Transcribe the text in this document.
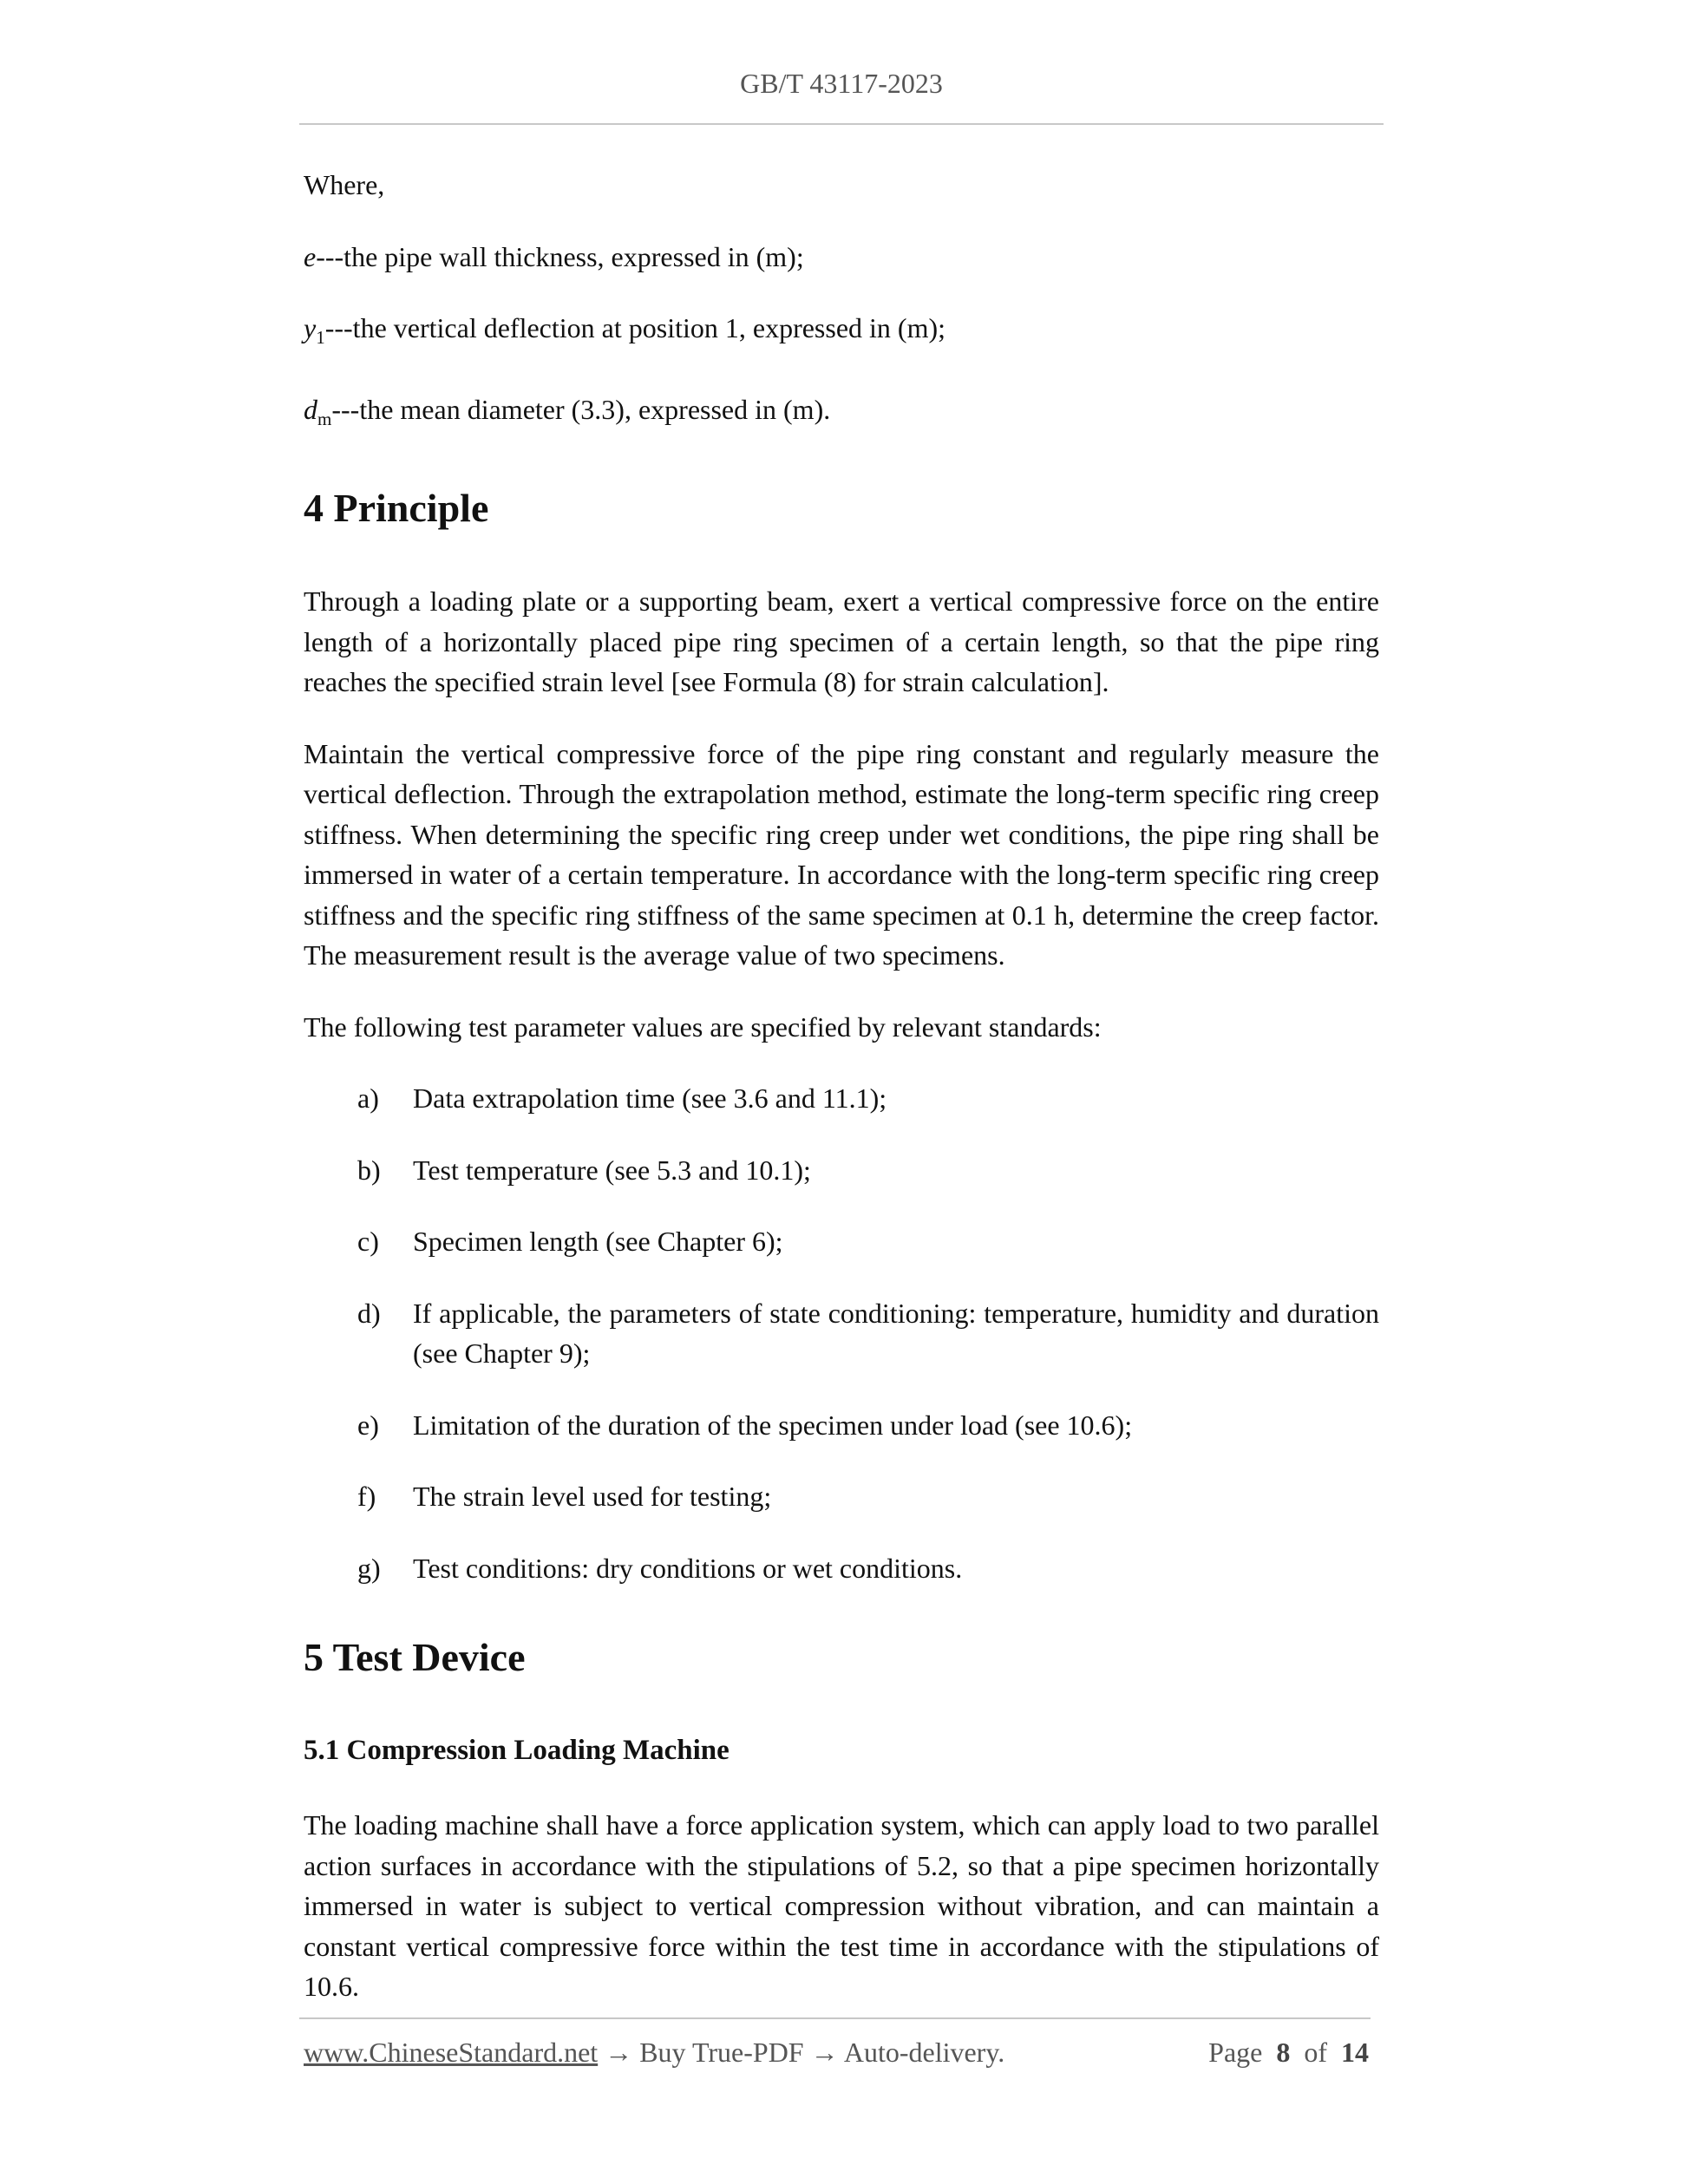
GB/T 43117-2023

Where,

e---the pipe wall thickness, expressed in (m);
$y_1--$-the vertical deflection at position 1, expressed in (m);
$d_m--$-the mean diameter (3.3), expressed in (m).
4 Principle

Through a loading plate or a supporting beam, exert a vertical compressive force on the entire length of a horizontally placed pipe ring specimen of a certain length, so that the pipe ring reaches the specified strain level [see Formula (8) for strain calculation].

Maintain the vertical compressive force of the pipe ring constant and regularly measure the vertical deflection. Through the extrapolation method, estimate the long-term specific ring creep stiffness. When determining the specific ring creep under wet conditions, the pipe ring shall be immersed in water of a certain temperature. In accordance with the long-term specific ring creep stiffness and the specific ring stiffness of the same specimen at 0.1 h, determine the creep factor. The measurement result is the average value of two specimens.

The following test parameter values are specified by relevant standards:

a)	Data extrapolation time (see 3.6 and 11.1);
b)	Test temperature (see 5.3 and 10.1);
c)	Specimen length (see Chapter 6);
d)	If applicable, the parameters of state conditioning: temperature, humidity and duration (see Chapter 9);
e)	Limitation of the duration of the specimen under load (see 10.6);
f)	The strain level used for testing;
g)	Test conditions: dry conditions or wet conditions.
5 Test Device
5.1 Compression Loading Machine

The loading machine shall have a force application system, which can apply load to two parallel action surfaces in accordance with the stipulations of 5.2, so that a pipe specimen horizontally immersed in water is subject to vertical compression without vibration, and can maintain a constant vertical compressive force within the test time in accordance with the stipulations of 10.6.

www.ChineseStandard.net → Buy True-PDF → Auto-delivery.	Page 8 of 14
